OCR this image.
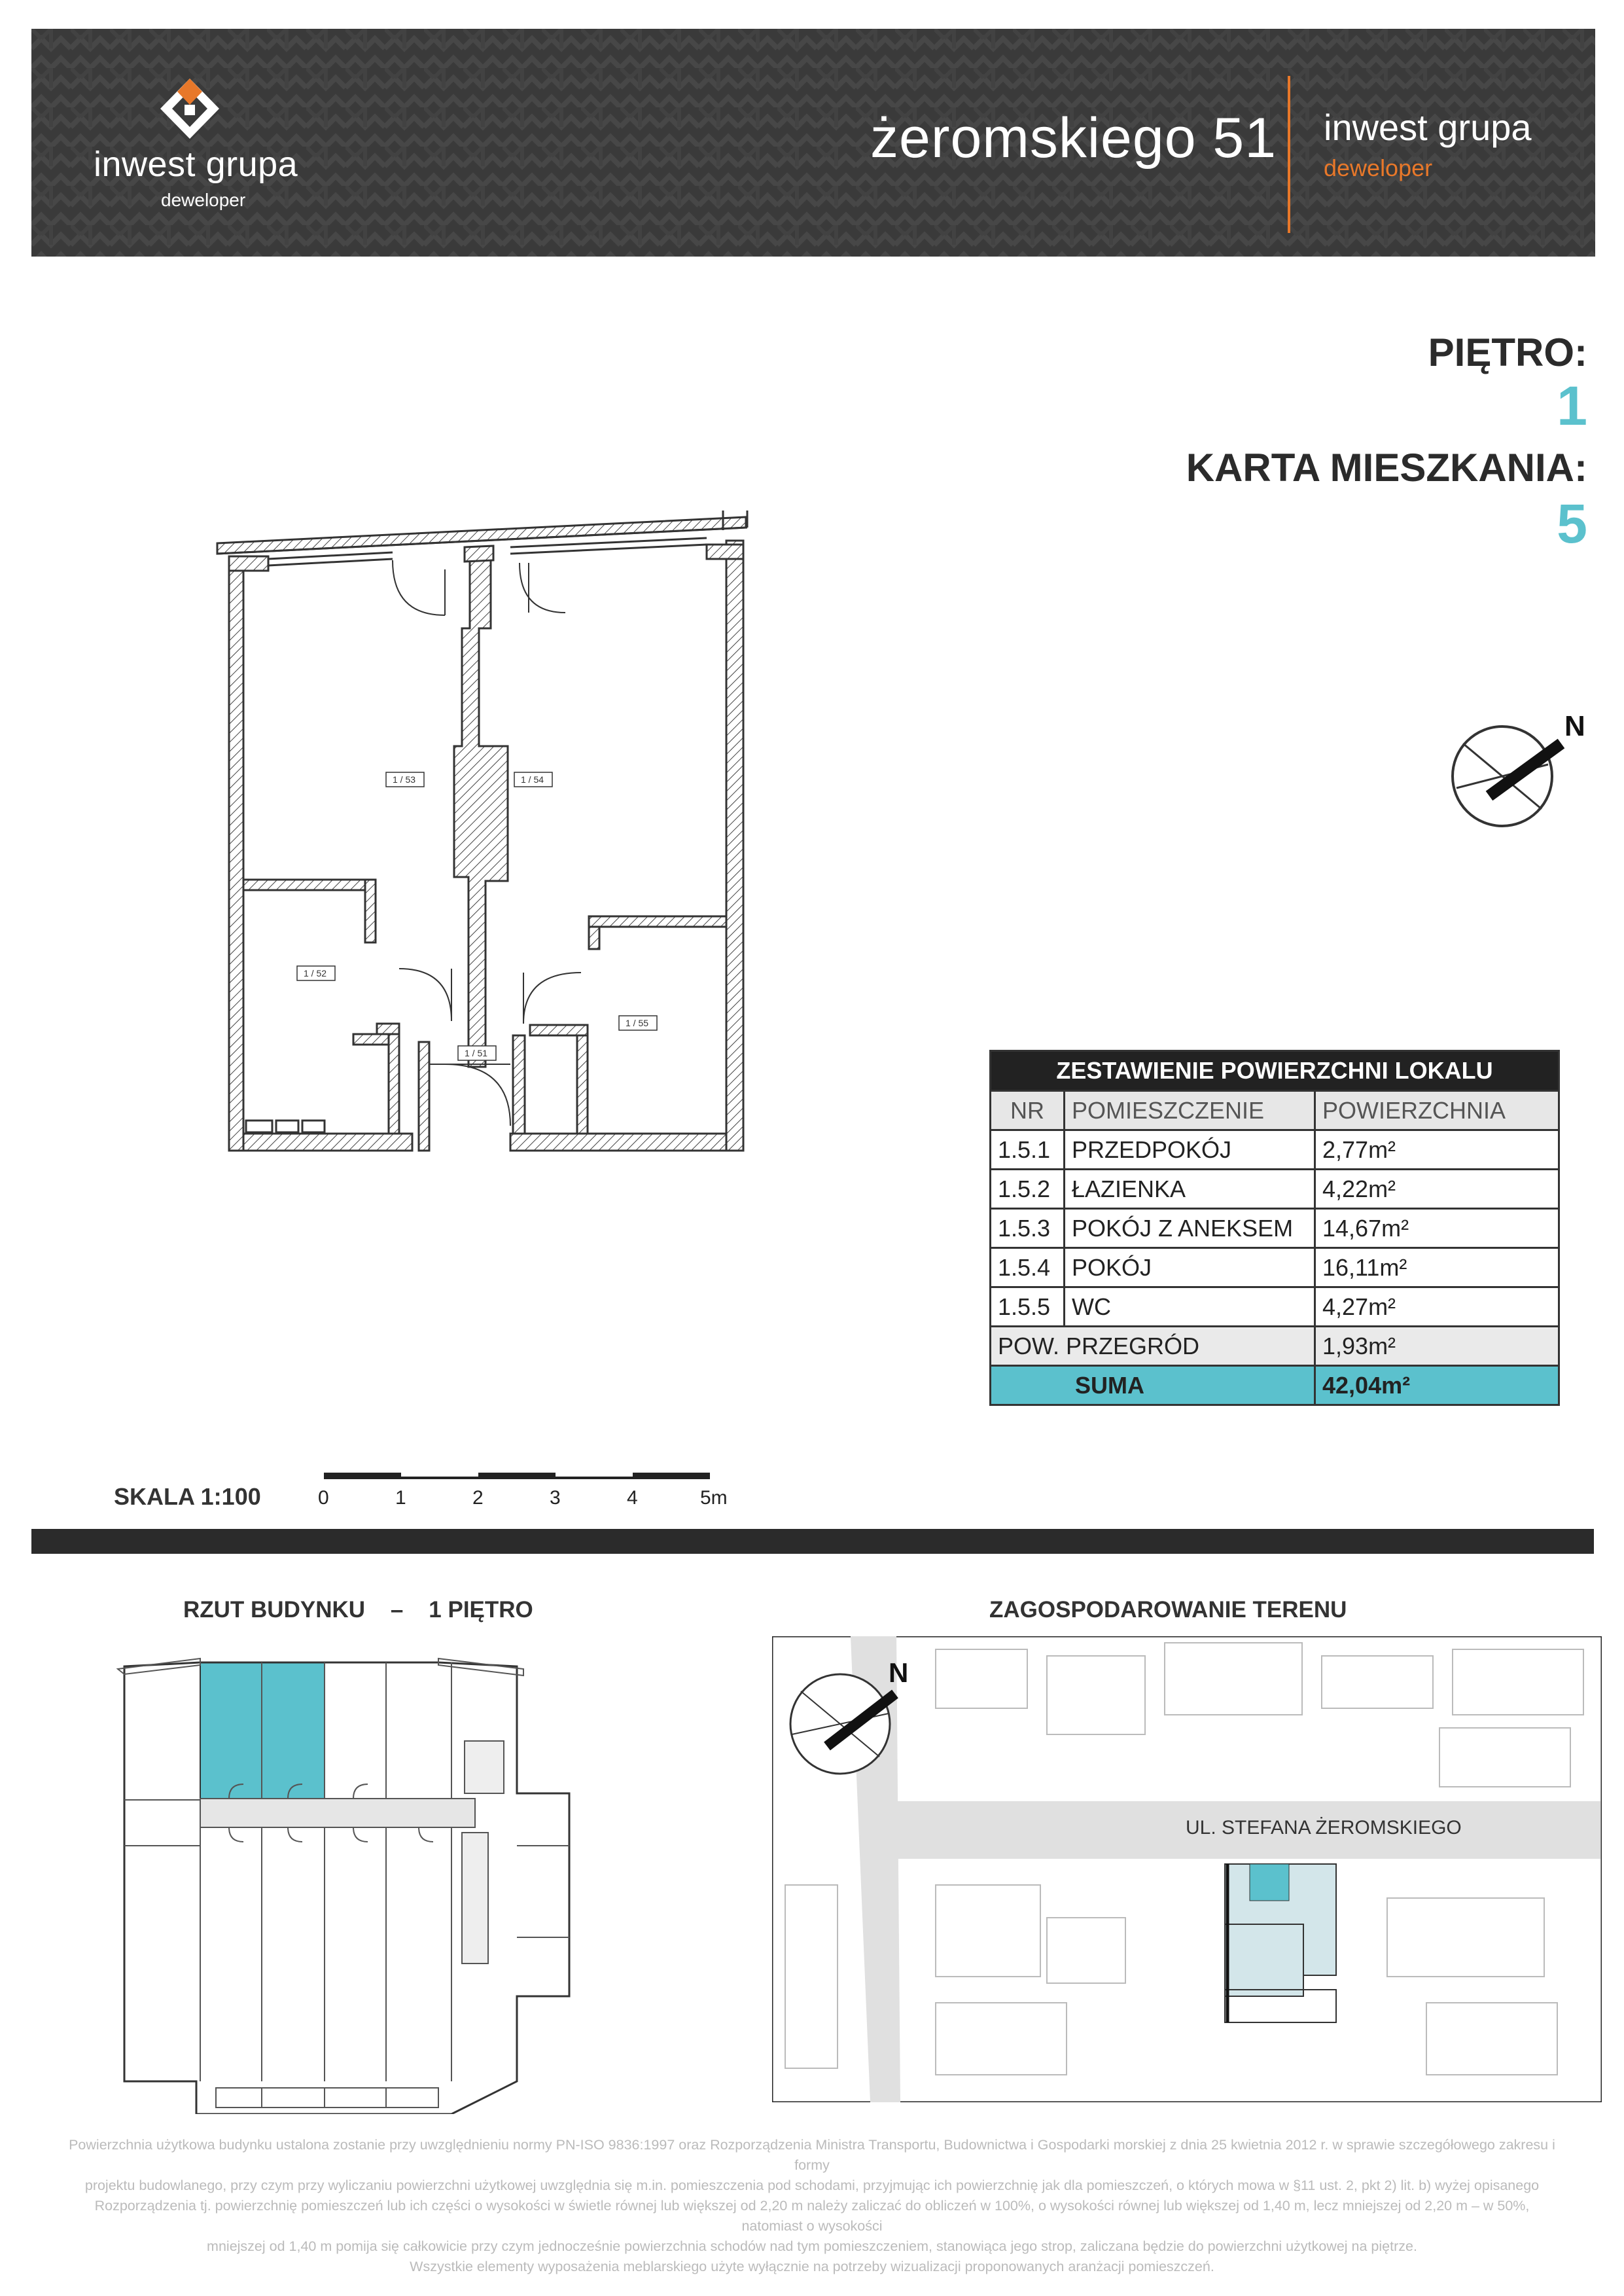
inwest grupa
deweloper
żeromskiego 51 inwest grupa
deweloper
PIĘTRO:
1
KARTA MIESZKANIA:
5
N
1 / 53	1 / 54
1 / 52
1 / 55
1 / 51
ZESTAWIENIE POWIERZCHNI LOKALU		
NR	POMIESZCZENIE	POWIERZCHNIA
1.5.1	PRZEDPOKÓJ	2,77m²
1.5.2	ŁAZIENKA	4,22m²
1.5.3	POKÓJ Z ANEKSEM	14,67m²
1.5.4	POKÓJ	16,11m²
1.5.5	WC	4,27m²
POW. PRZEGRÓD		1,93m²
SUMA		42,04m²
SKALA 1:100	0	1	2	3	4	5m
RZUT BUDYNKU    –    1 PIĘTRO	ZAGOSPODAROWANIE TERENU
N
UL. STEFANA ŻEROMSKIEGO
Powierzchnia użytkowa budynku ustalona zostanie przy uwzględnieniu normy PN-ISO 9836:1997 oraz Rozporządzenia Ministra Transportu, Budownictwa i Gospodarki morskiej z dnia 25 kwietnia 2012 r. w sprawie szczegółowego zakresu i formy
projektu budowlanego, przy czym przy wyliczaniu powierzchni użytkowej uwzględnia się m.in. pomieszczenia pod schodami, przyjmując ich powierzchnię jak dla pomieszczeń, o których mowa w §11 ust. 2, pkt 2) lit. b) wyżej opisanego
Rozporządzenia tj. powierzchnię pomieszczeń lub ich części o wysokości w świetle równej lub większej od 2,20 m należy zaliczać do obliczeń w 100%, o wysokości równej lub większej od 1,40 m, lecz mniejszej od 2,20 m – w 50%, natomiast o wysokości
mniejszej od 1,40 m pomija się całkowicie przy czym jednocześnie powierzchnia schodów nad tym pomieszczeniem, stanowiąca jego strop, zaliczana będzie do powierzchni użytkowej na piętrze.
Wszystkie elementy wyposażenia meblarskiego użyte wyłącznie na potrzeby wizualizacji proponowanych aranżacji pomieszczeń.
